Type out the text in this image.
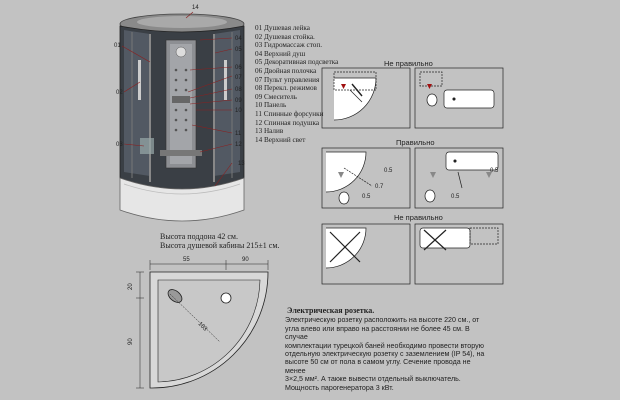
14
01
04
05
02
06
07
08
09
10
03
11
12
13
55	90
20
90
103
Не правильно
Правильно
0.5
0.7
0.5
0.5
0.5
Не правильно
01 Душевая лейка
02 Душевая стойка.
03 Гидромассаж стоп.
04 Верхний душ
05 Декоративная подсветка
06 Двойная полочка
07 Пульт управления
08 Перекл. режимов
09 Смеситель
10 Панель
11 Спинные форсунки
12 Спинная подушка
13 Налив
14 Верхний свет
Высота поддона 42 см.
Высота душевой кабины 215±1 см.
Электрическая розетка.
Электрическую розетку расположить на высоте 220 см., от
угла влево или вправо на расстоянии не более 45 см. В случае
комплектации турецкой баней необходимо провести вторую
отдельную электрическую розетку с заземлением (IP 54), на
высоте 50 см от пола в самом углу. Сечение провода не менее
3×2,5 мм². А также вывести отдельный выключатель.
Мощность парогенератора 3 кВт.
